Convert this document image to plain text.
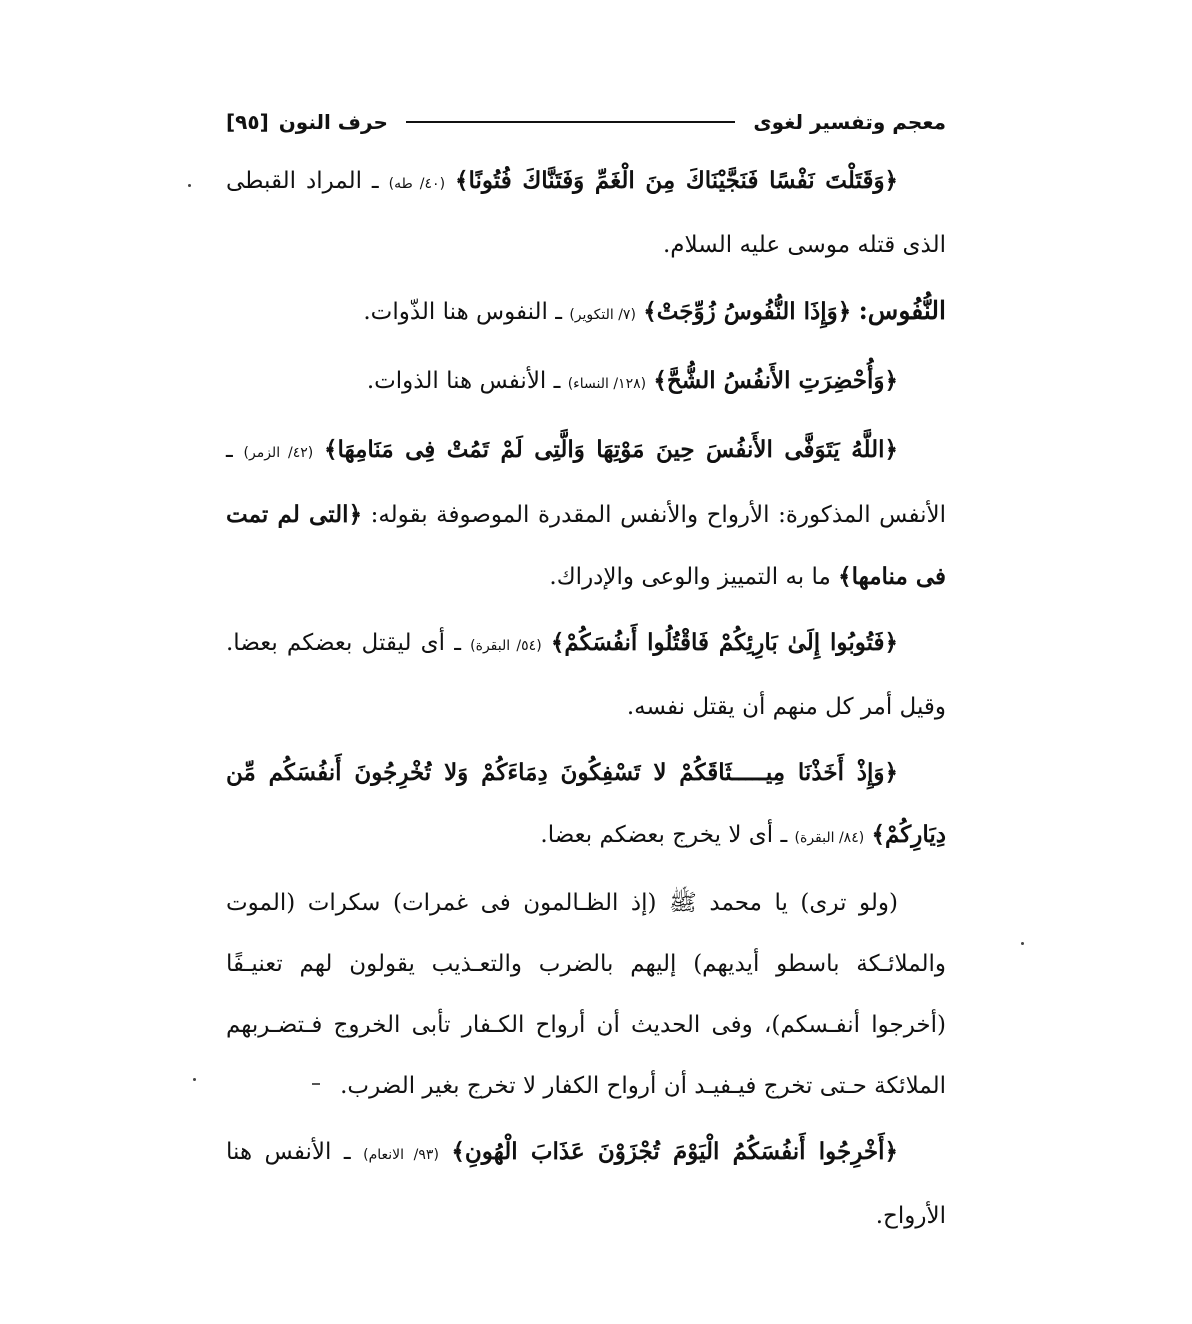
معجم وتفسير لغوى
حرف النون
[٩٥]

﴿وَقَتَلْتَ نَفْسًا فَنَجَّيْنَاكَ مِنَ الْغَمِّ وَفَتَنَّاكَ فُتُونًا﴾ (٤٠/ طه) ـ المراد القبطى الذى قتله موسى عليه السلام.

النُّفُوس: ﴿وَإِذَا النُّفُوسُ زُوِّجَتْ﴾ (٧/ التكوير) ـ النفوس هنا الذّوات.

﴿وَأُحْضِرَتِ الأَنفُسُ الشُّحَّ﴾ (١٢٨/ النساء) ـ الأنفس هنا الذوات.

﴿اللَّهُ يَتَوَفَّى الأَنفُسَ حِينَ مَوْتِهَا وَالَّتِى لَمْ تَمُتْ فِى مَنَامِهَا﴾ (٤٢/ الزمر) ـ الأنفس المذكورة: الأرواح والأنفس المقدرة الموصوفة بقوله: ﴿التى لم تمت فى منامها﴾ ما به التمييز والوعى والإدراك.

﴿فَتُوبُوا إِلَىٰ بَارِئِكُمْ فَاقْتُلُوا أَنفُسَكُمْ﴾ (٥٤/ البقرة) ـ أى ليقتل بعضكم بعضا. وقيل أمر كل منهم أن يقتل نفسه.

﴿وَإِذْ أَخَذْنَا مِيـــــثَاقَكُمْ لا تَسْفِكُونَ دِمَاءَكُمْ وَلا تُخْرِجُونَ أَنفُسَكُم مِّن دِيَارِكُمْ﴾ (٨٤/ البقرة) ـ أى لا يخرج بعضكم بعضا.

(ولو ترى) يا محمد ﷺ (إذ الظـالمون فى غمرات) سكرات (الموت والملائـكة باسطو أيديهم) إليهم بالضرب والتعـذيب يقولون لهم تعنيـفًا (أخرجوا أنفـسكم)، وفى الحديث أن أرواح الكـفار تأبى الخروج فـتضـربهم الملائكة حـتى تخرج فيـفيـد أن أرواح الكفار لا تخرج بغير الضرب.

﴿أَخْرِجُوا أَنفُسَكُمُ الْيَوْمَ تُجْزَوْنَ عَذَابَ الْهُونِ﴾ (٩٣/ الانعام) ـ الأنفس هنا الأرواح.
